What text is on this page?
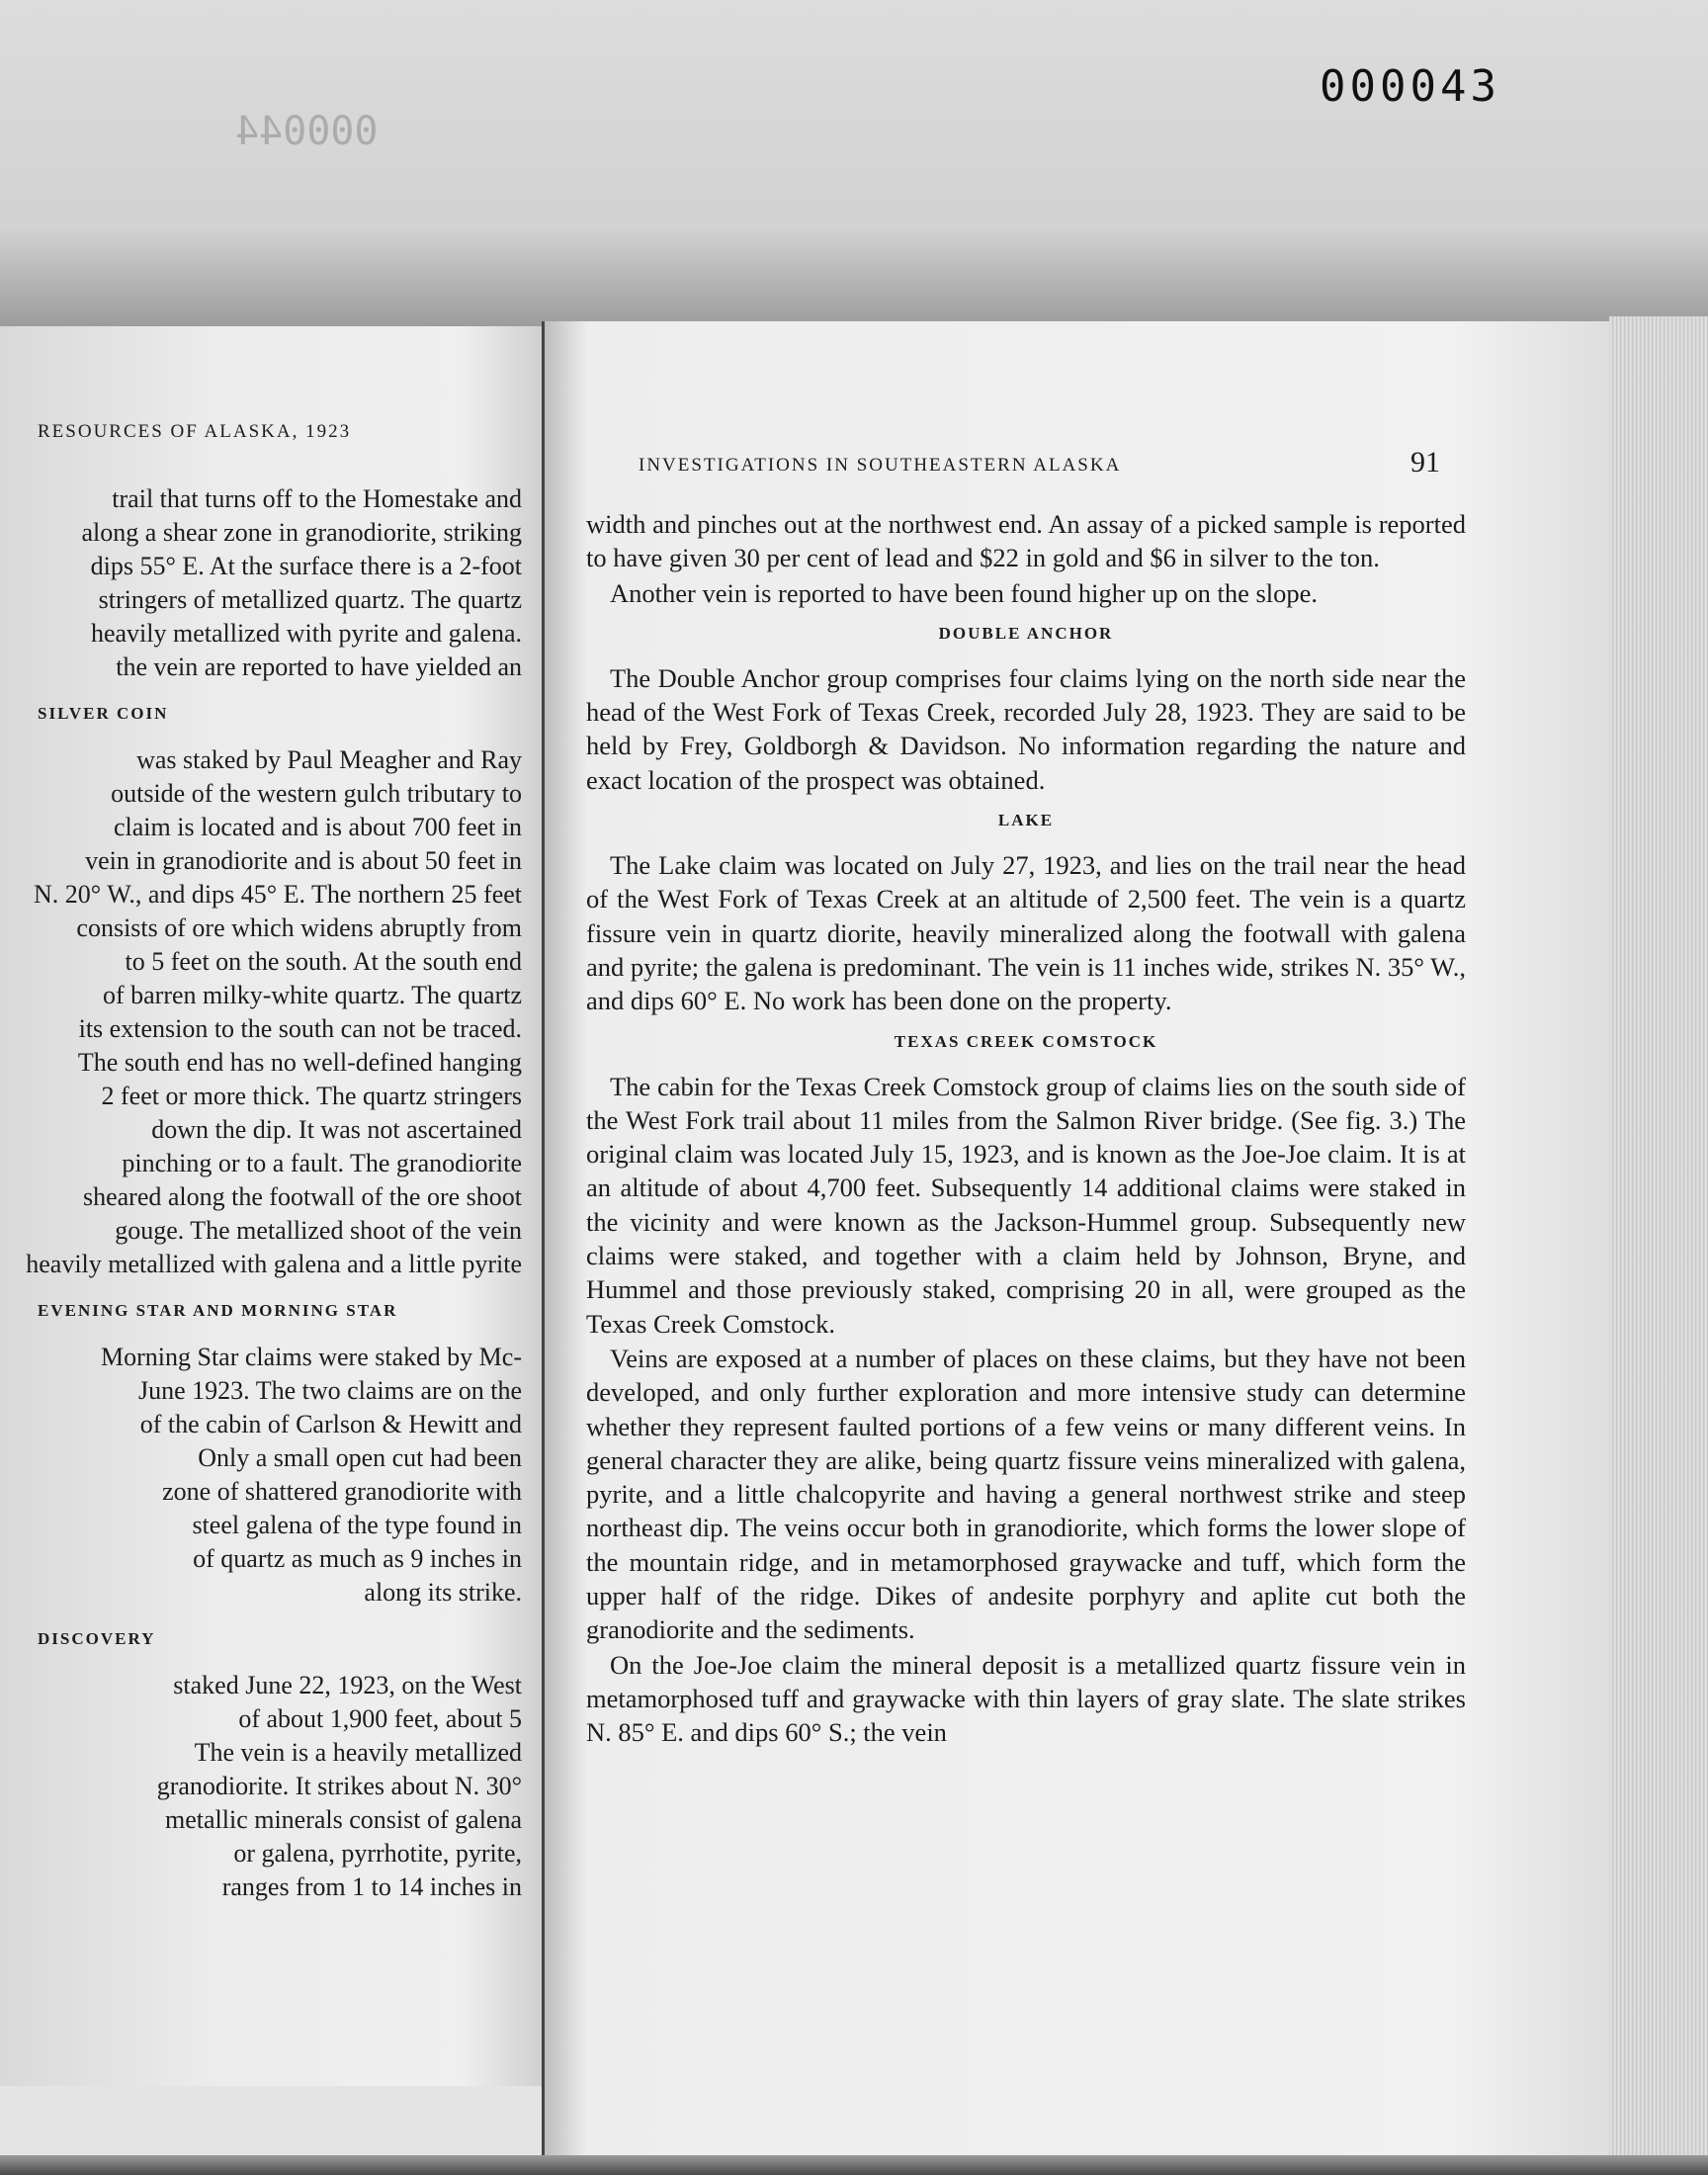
000043
000044
RESOURCES OF ALASKA, 1923
trail that turns off to the Homestake and
along a shear zone in granodiorite, striking
dips 55° E. At the surface there is a 2-foot
stringers of metallized quartz. The quartz
heavily metallized with pyrite and galena.
the vein are reported to have yielded an
SILVER COIN
was staked by Paul Meagher and Ray
outside of the western gulch tributary to
claim is located and is about 700 feet in
vein in granodiorite and is about 50 feet in
N. 20° W., and dips 45° E. The northern 25 feet
consists of ore which widens abruptly from
to 5 feet on the south. At the south end
of barren milky-white quartz. The quartz
its extension to the south can not be traced.
The south end has no well-defined hanging
2 feet or more thick. The quartz stringers
down the dip. It was not ascertained
pinching or to a fault. The granodiorite
sheared along the footwall of the ore shoot
gouge. The metallized shoot of the vein
heavily metallized with galena and a little pyrite
EVENING STAR AND MORNING STAR
Morning Star claims were staked by Mc-
June 1923. The two claims are on the
of the cabin of Carlson & Hewitt and
Only a small open cut had been
zone of shattered granodiorite with
steel galena of the type found in
of quartz as much as 9 inches in
along its strike.
DISCOVERY
staked June 22, 1923, on the West
of about 1,900 feet, about 5
The vein is a heavily metallized
granodiorite. It strikes about N. 30°
metallic minerals consist of galena
or galena, pyrrhotite, pyrite,
ranges from 1 to 14 inches in
INVESTIGATIONS IN SOUTHEASTERN ALASKA	91

width and pinches out at the northwest end. An assay of a picked sample is reported to have given 30 per cent of lead and $22 in gold and $6 in silver to the ton.

Another vein is reported to have been found higher up on the slope.

DOUBLE ANCHOR

The Double Anchor group comprises four claims lying on the north side near the head of the West Fork of Texas Creek, recorded July 28, 1923. They are said to be held by Frey, Goldborgh & Davidson. No information regarding the nature and exact location of the prospect was obtained.

LAKE

The Lake claim was located on July 27, 1923, and lies on the trail near the head of the West Fork of Texas Creek at an altitude of 2,500 feet. The vein is a quartz fissure vein in quartz diorite, heavily mineralized along the footwall with galena and pyrite; the galena is predominant. The vein is 11 inches wide, strikes N. 35° W., and dips 60° E. No work has been done on the property.

TEXAS CREEK COMSTOCK

The cabin for the Texas Creek Comstock group of claims lies on the south side of the West Fork trail about 11 miles from the Salmon River bridge. (See fig. 3.) The original claim was located July 15, 1923, and is known as the Joe-Joe claim. It is at an altitude of about 4,700 feet. Subsequently 14 additional claims were staked in the vicinity and were known as the Jackson-Hummel group. Subsequently new claims were staked, and together with a claim held by Johnson, Bryne, and Hummel and those previously staked, comprising 20 in all, were grouped as the Texas Creek Comstock.

Veins are exposed at a number of places on these claims, but they have not been developed, and only further exploration and more intensive study can determine whether they represent faulted portions of a few veins or many different veins. In general character they are alike, being quartz fissure veins mineralized with galena, pyrite, and a little chalcopyrite and having a general northwest strike and steep northeast dip. The veins occur both in granodiorite, which forms the lower slope of the mountain ridge, and in metamorphosed graywacke and tuff, which form the upper half of the ridge. Dikes of andesite porphyry and aplite cut both the granodiorite and the sediments.

On the Joe-Joe claim the mineral deposit is a metallized quartz fissure vein in metamorphosed tuff and graywacke with thin layers of gray slate. The slate strikes N. 85° E. and dips 60° S.; the vein
